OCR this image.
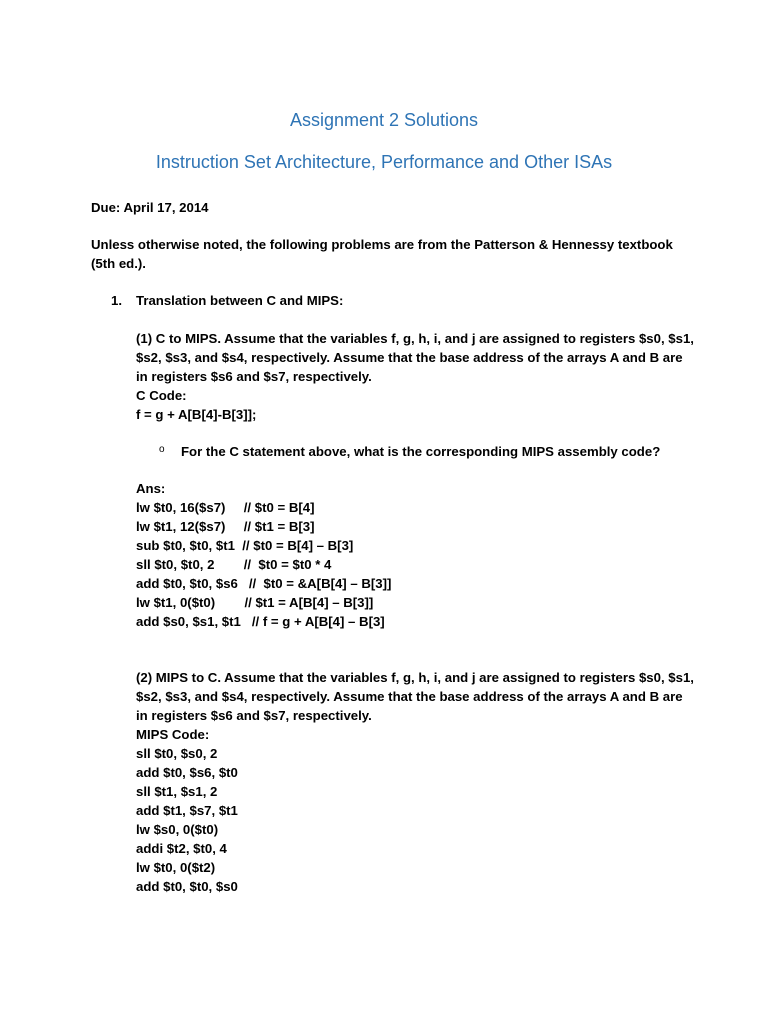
Assignment 2 Solutions
Instruction Set Architecture, Performance and Other ISAs
Due: April 17, 2014
Unless otherwise noted, the following problems are from the Patterson & Hennessy textbook
(5th ed.).
1. Translation between C and MIPS:
(1) C to MIPS. Assume that the variables f, g, h, i, and j are assigned to registers $s0, $s1,
$s2, $s3, and $s4, respectively. Assume that the base address of the arrays A and B are
in registers $s6 and $s7, respectively.
C Code:
f = g + A[B[4]-B[3]];
o For the C statement above, what is the corresponding MIPS assembly code?
Ans:
lw $t0, 16($s7)     // $t0 = B[4]
lw $t1, 12($s7)     // $t1 = B[3]
sub $t0, $t0, $t1  // $t0 = B[4] – B[3]
sll $t0, $t0, 2        //  $t0 = $t0 * 4
add $t0, $t0, $s6   //  $t0 = &A[B[4] – B[3]]
lw $t1, 0($t0)        // $t1 = A[B[4] – B[3]]
add $s0, $s1, $t1   // f = g + A[B[4] – B[3]
(2) MIPS to C. Assume that the variables f, g, h, i, and j are assigned to registers $s0, $s1,
$s2, $s3, and $s4, respectively. Assume that the base address of the arrays A and B are
in registers $s6 and $s7, respectively.
MIPS Code:
sll $t0, $s0, 2
add $t0, $s6, $t0
sll $t1, $s1, 2
add $t1, $s7, $t1
lw $s0, 0($t0)
addi $t2, $t0, 4
lw $t0, 0($t2)
add $t0, $t0, $s0
